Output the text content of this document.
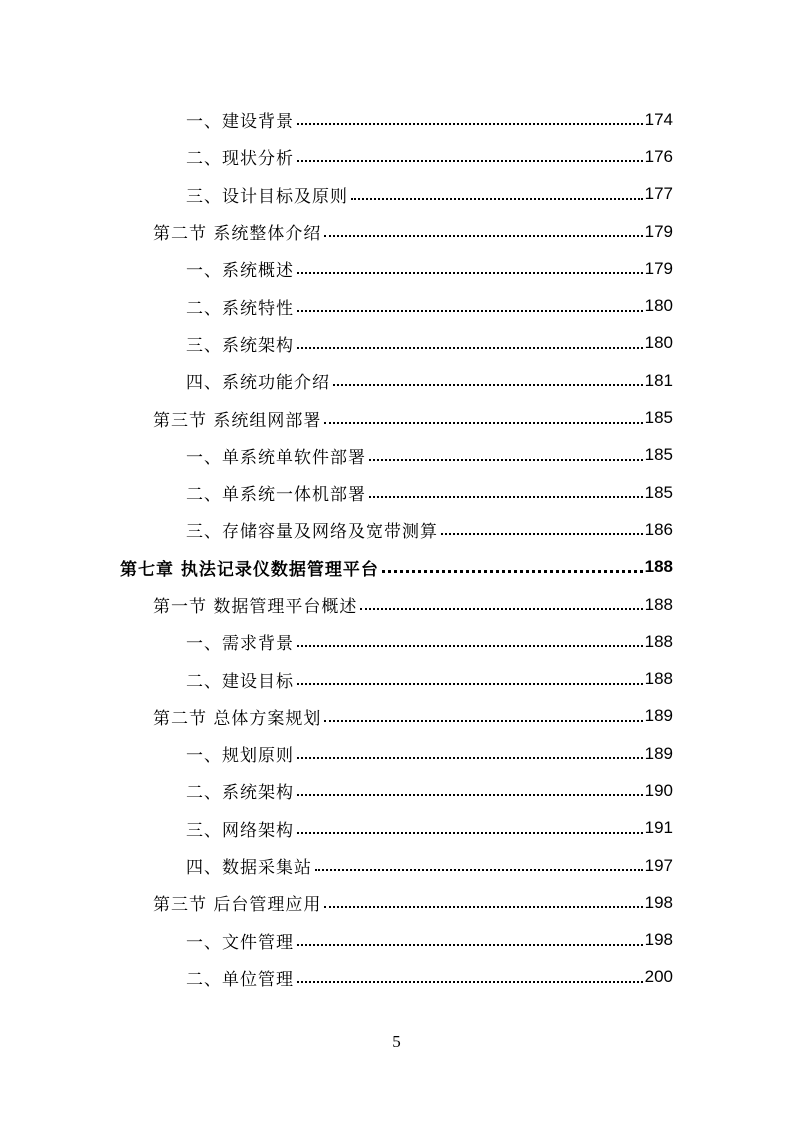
一、建设背景	174
二、现状分析	176
三、设计目标及原则	177
第二节 系统整体介绍	179
一、系统概述	179
二、系统特性	180
三、系统架构	180
四、系统功能介绍	181
第三节 系统组网部署	185
一、单系统单软件部署	185
二、单系统一体机部署	185
三、存储容量及网络及宽带测算	186
第七章 执法记录仪数据管理平台	188
第一节 数据管理平台概述	188
一、需求背景	188
二、建设目标	188
第二节 总体方案规划	189
一、规划原则	189
二、系统架构	190
三、网络架构	191
四、数据采集站	197
第三节 后台管理应用	198
一、文件管理	198
二、单位管理	200
5
